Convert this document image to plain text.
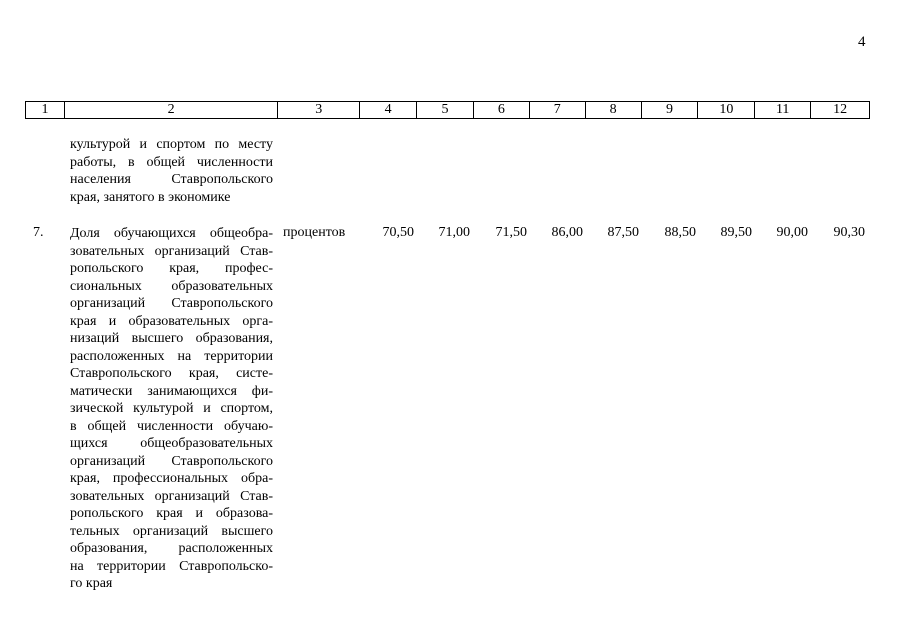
4
1	2	3	4	5	6	7	8	9	10	11	12
культурой и спортом по месту
работы, в общей численности
населения Ставропольского
края, занятого в экономике
7. Доля обучающихся общеобра-
зовательных организаций Став-
ропольского края, профес-
сиональных образовательных
организаций Ставропольского
края и образовательных орга-
низаций высшего образования,
расположенных на территории
Ставропольского края, систе-
матически занимающихся фи-
зической культурой и спортом,
в общей численности обучаю-
щихся общеобразовательных
организаций Ставропольского
края, профессиональных обра-
зовательных организаций Став-
ропольского края и образова-
тельных организаций высшего
образования, расположенных
на территории Ставропольско-
го края
процентов	70,50	71,00	71,50	86,00	87,50	88,50	89,50	90,00	90,30
